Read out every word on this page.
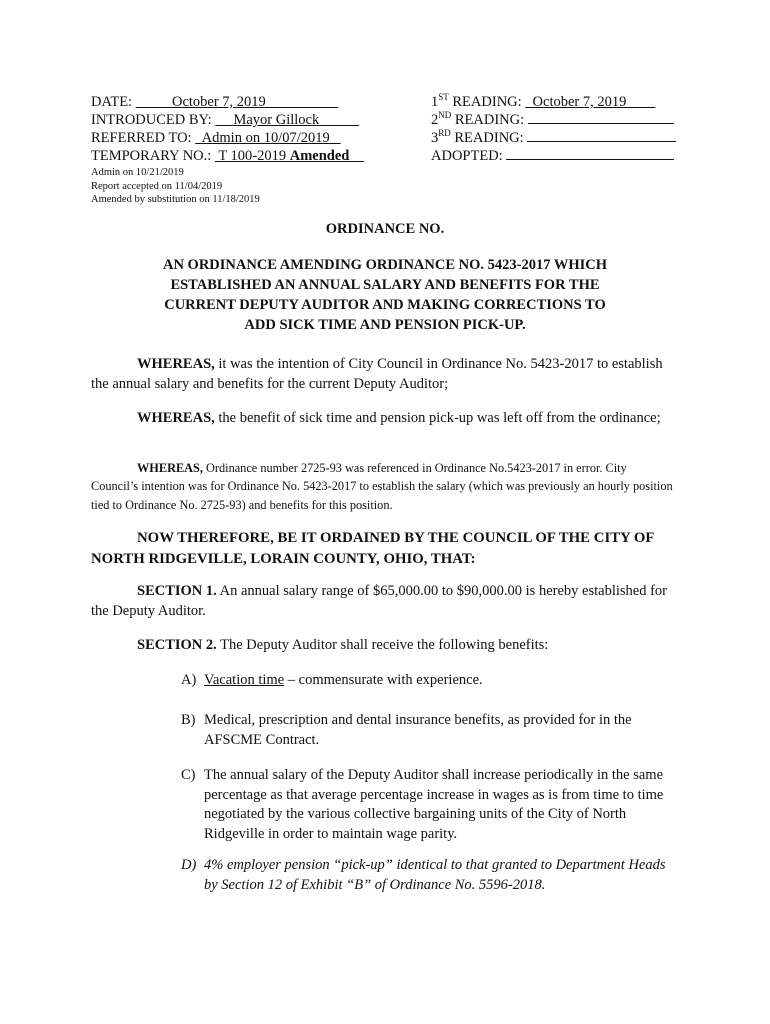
DATE:	October 7, 2019
INTRODUCED BY: Mayor Gillock
REFERRED TO: Admin on 10/07/2019
TEMPORARY NO.: T 100-2019 Amended
1ST READING: October 7, 2019
2ND READING:
3RD READING:
ADOPTED:
Admin on 10/21/2019
Report accepted on 11/04/2019
Amended by substitution on 11/18/2019
ORDINANCE NO.
AN ORDINANCE AMENDING ORDINANCE NO. 5423-2017 WHICH
ESTABLISHED AN ANNUAL SALARY AND BENEFITS FOR THE
CURRENT DEPUTY AUDITOR AND MAKING CORRECTIONS TO
ADD SICK TIME AND PENSION PICK-UP.
WHEREAS, it was the intention of City Council in Ordinance No. 5423-2017 to establish the annual salary and benefits for the current Deputy Auditor;
WHEREAS, the benefit of sick time and pension pick-up was left off from the ordinance;
WHEREAS, Ordinance number 2725-93 was referenced in Ordinance No.5423-2017 in error. City Council’s intention was for Ordinance No. 5423-2017 to establish the salary (which was previously an hourly position tied to Ordinance No. 2725-93) and benefits for this position.
NOW THEREFORE, BE IT ORDAINED BY THE COUNCIL OF THE CITY OF NORTH RIDGEVILLE, LORAIN COUNTY, OHIO, THAT:
SECTION 1. An annual salary range of $65,000.00 to $90,000.00 is hereby established for the Deputy Auditor.
SECTION 2. The Deputy Auditor shall receive the following benefits:
A) Vacation time – commensurate with experience.
B) Medical, prescription and dental insurance benefits, as provided for in the AFSCME Contract.
C) The annual salary of the Deputy Auditor shall increase periodically in the same percentage as that average percentage increase in wages as is from time to time negotiated by the various collective bargaining units of the City of North Ridgeville in order to maintain wage parity.
D) 4% employer pension “pick-up” identical to that granted to Department Heads by Section 12 of Exhibit “B” of Ordinance No. 5596-2018.
